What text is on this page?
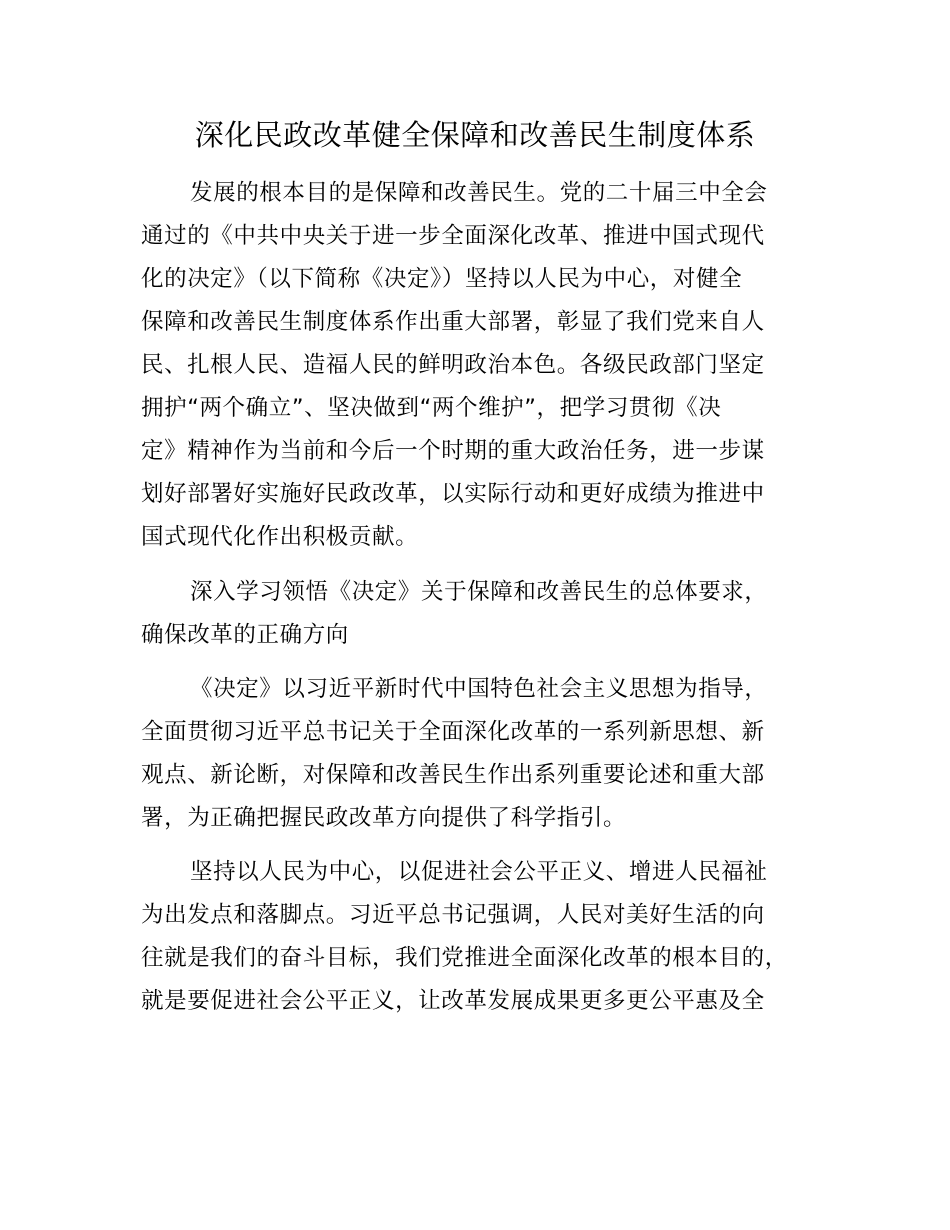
深化民政改革健全保障和改善民生制度体系
发展的根本目的是保障和改善民生。党的二十届三中全会
通过的《中共中央关于进一步全面深化改革、推进中国式现代
化的决定》（以下简称《决定》）坚持以人民为中心，对健全
保障和改善民生制度体系作出重大部署，彰显了我们党来自人
民、扎根人民、造福人民的鲜明政治本色。各级民政部门坚定
拥护“两个确立”、坚决做到“两个维护”，把学习贯彻《决
定》精神作为当前和今后一个时期的重大政治任务，进一步谋
划好部署好实施好民政改革，以实际行动和更好成绩为推进中
国式现代化作出积极贡献。
深入学习领悟《决定》关于保障和改善民生的总体要求，
确保改革的正确方向
《决定》以习近平新时代中国特色社会主义思想为指导，
全面贯彻习近平总书记关于全面深化改革的一系列新思想、新
观点、新论断，对保障和改善民生作出系列重要论述和重大部
署，为正确把握民政改革方向提供了科学指引。
坚持以人民为中心，以促进社会公平正义、增进人民福祉
为出发点和落脚点。习近平总书记强调，人民对美好生活的向
往就是我们的奋斗目标，我们党推进全面深化改革的根本目的，
就是要促进社会公平正义，让改革发展成果更多更公平惠及全
